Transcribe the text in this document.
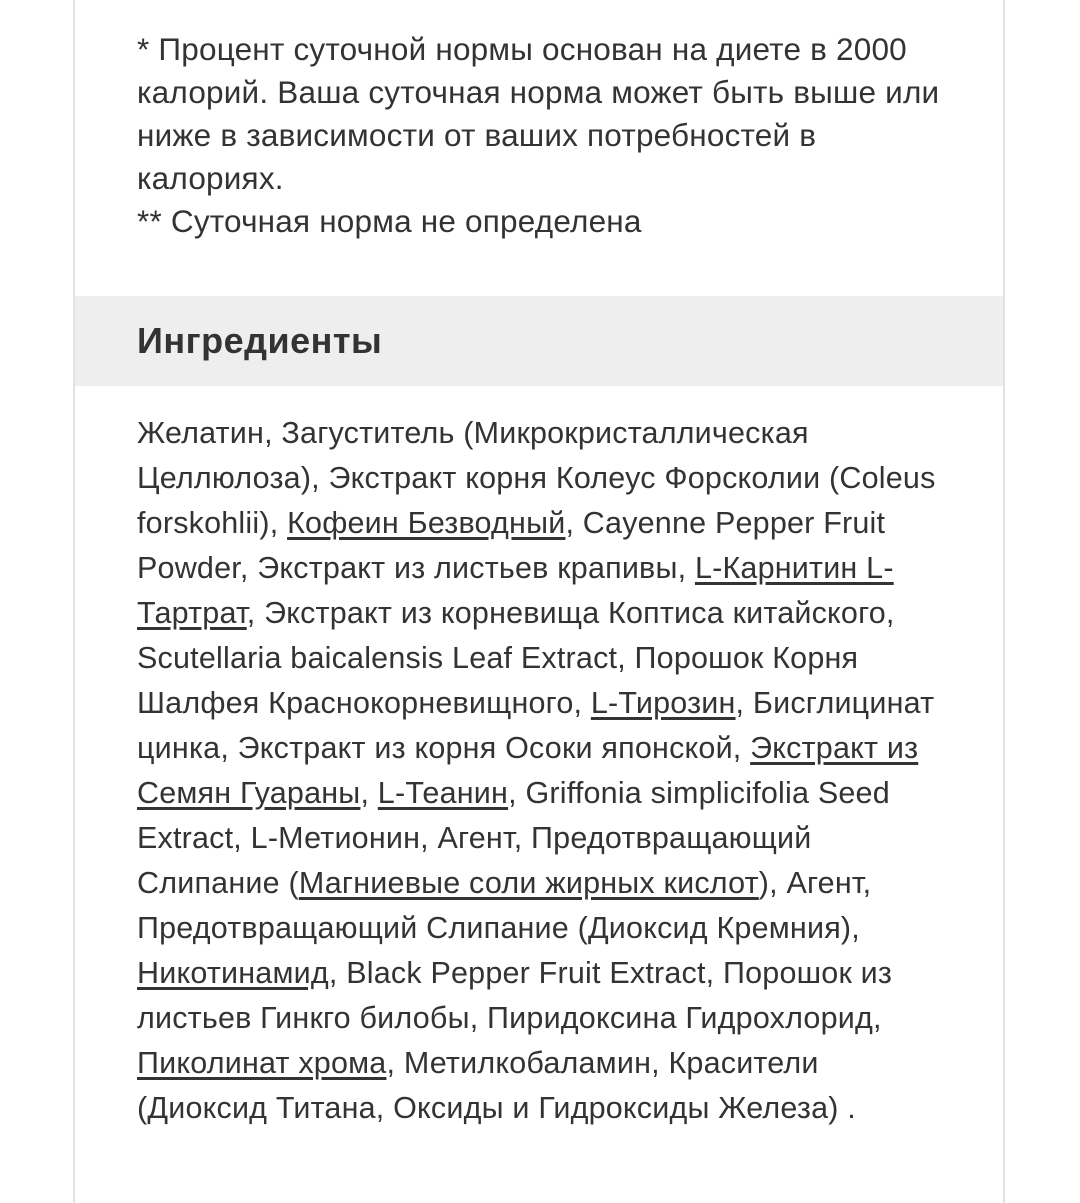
* Процент суточной нормы основан на диете в 2000 калорий. Ваша суточная норма может быть выше или ниже в зависимости от ваших потребностей в калориях.

** Суточная норма не определена

Ингредиенты
Желатин, Загуститель (Микрокристаллическая Целлюлоза), Экстракт корня Колеус Форсколии (Coleus forskohlii), Кофеин Безводный, Cayenne Pepper Fruit Powder, Экстракт из листьев крапивы, L-Карнитин L-Тартрат, Экстракт из корневища Коптиса китайского, Scutellaria baicalensis Leaf Extract, Порошок Корня Шалфея Краснокорневищного, L-Тирозин, Бисглицинат цинка, Экстракт из корня Осоки японской, Экстракт из Семян Гуараны, L-Теанин, Griffonia simplicifolia Seed Extract, L-Метионин, Агент, Предотвращающий Слипание (Магниевые соли жирных кислот), Агент, Предотвращающий Слипание (Диоксид Кремния), Никотинамид, Black Pepper Fruit Extract, Порошок из листьев Гинкго билобы, Пиридоксина Гидрохлорид, Пиколинат хрома, Метилкобаламин, Красители (Диоксид Титана, Оксиды и Гидроксиды Железа) .
